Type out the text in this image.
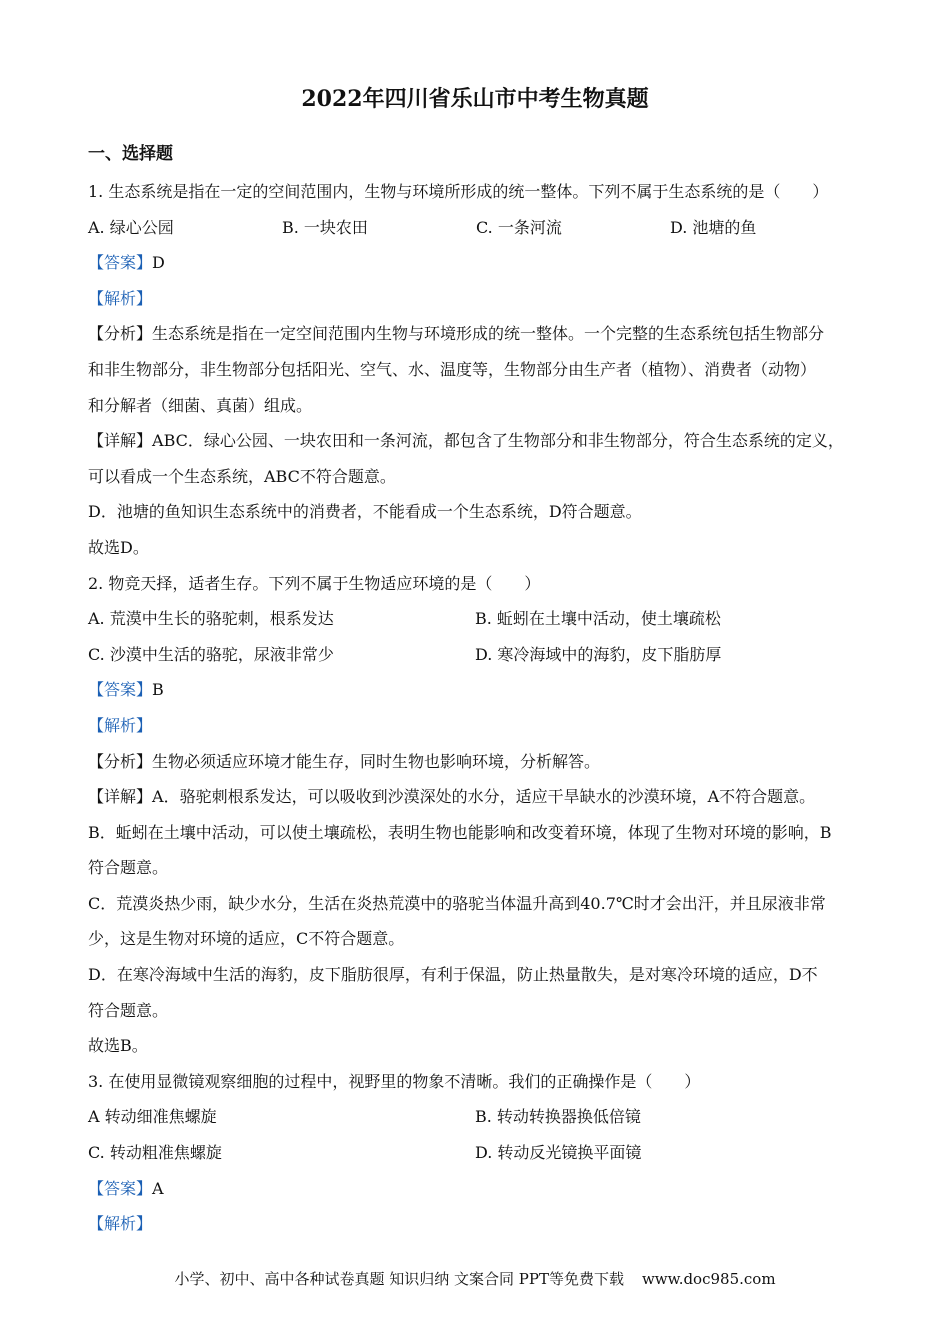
2022年四川省乐山市中考生物真题
一、选择题
1. 生态系统是指在一定的空间范围内，生物与环境所形成的统一整体。下列不属于生态系统的是（　　）
A. 绿心公园	B. 一块农田	C. 一条河流	D. 池塘的鱼
【答案】D
【解析】
【分析】生态系统是指在一定空间范围内生物与环境形成的统一整体。一个完整的生态系统包括生物部分
和非生物部分，非生物部分包括阳光、空气、水、温度等，生物部分由生产者（植物）、消费者（动物）
和分解者（细菌、真菌）组成。
【详解】ABC．绿心公园、一块农田和一条河流，都包含了生物部分和非生物部分，符合生态系统的定义，
可以看成一个生态系统，ABC不符合题意。
D．池塘的鱼知识生态系统中的消费者，不能看成一个生态系统，D符合题意。
故选D。
2. 物竞天择，适者生存。下列不属于生物适应环境的是（　　）
A. 荒漠中生长的骆驼刺，根系发达	B. 蚯蚓在土壤中活动，使土壤疏松
C. 沙漠中生活的骆驼，尿液非常少	D. 寒冷海域中的海豹，皮下脂肪厚
【答案】B
【解析】
【分析】生物必须适应环境才能生存，同时生物也影响环境，分析解答。
【详解】A．骆驼刺根系发达，可以吸收到沙漠深处的水分，适应干旱缺水的沙漠环境，A不符合题意。
B．蚯蚓在土壤中活动，可以使土壤疏松，表明生物也能影响和改变着环境，体现了生物对环境的影响，B
符合题意。
C．荒漠炎热少雨，缺少水分，生活在炎热荒漠中的骆驼当体温升高到40.7℃时才会出汗，并且尿液非常
少，这是生物对环境的适应，C不符合题意。
D．在寒冷海域中生活的海豹，皮下脂肪很厚，有利于保温，防止热量散失，是对寒冷环境的适应，D不
符合题意。
故选B。
3. 在使用显微镜观察细胞的过程中，视野里的物象不清晰。我们的正确操作是（　　）
A 转动细准焦螺旋	B. 转动转换器换低倍镜
C. 转动粗准焦螺旋	D. 转动反光镜换平面镜
【答案】A
【解析】
小学、初中、高中各种试卷真题 知识归纳 文案合同 PPT等免费下载 www.doc985.com
